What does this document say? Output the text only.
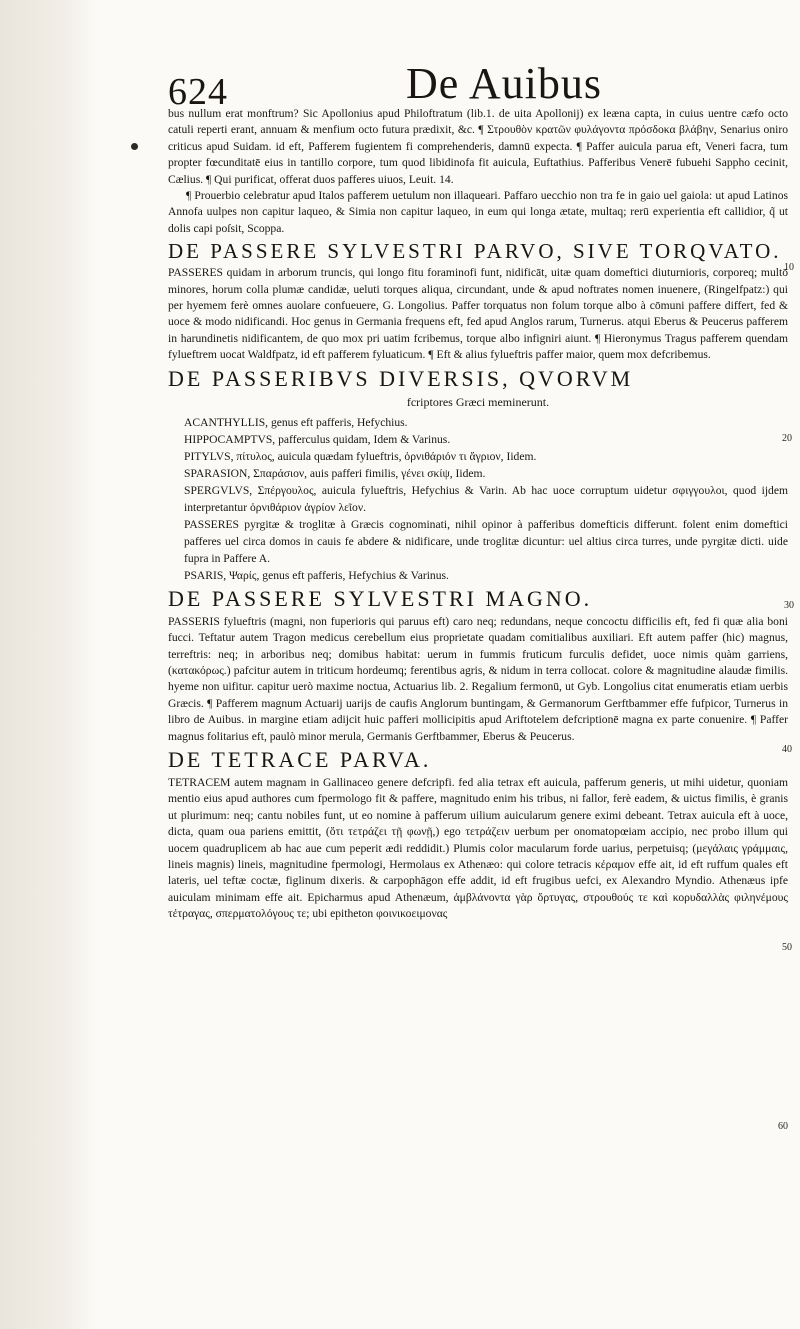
624	De Auibus
10
20
30
40
50
60

bus nullum erat monftrum? Sic Apollonius apud Philoftratum (lib.1. de uita Apollonij) ex leæna capta, in cuius uentre cæfo octo catuli reperti erant, annuam & menfium octo futura prædixit, &c. ¶ Στρουθὸν κρατῶν φυλάγοντα πρόσδοκα βλάβην, Senarius oniro criticus apud Suidam. id eft, Pafferem fugientem fi comprehenderis, damnū expecta. ¶ Paffer auicula parua eft, Veneri facra, tum propter fœcunditatē eius in tantillo corpore, tum quod libidinofa fit auicula, Euftathius. Pafferibus Venerē fubuehi Sappho cecinit, Cælius. ¶ Qui purificat, offerat duos pafferes uiuos, Leuit. 14.

¶ Prouerbio celebratur apud Italos pafferem uetulum non illaqueari. Paffaro uecchio non tra fe in gaio uel gaiola: ut apud Latinos Annofa uulpes non capitur laqueo, & Simia non capitur laqueo, in eum qui longa ætate, multaq; rerū experientia eft callidior, q̃ ut dolis capi poſsit, Scoppa.

DE PASSERE SYLVESTRI PARVO, SIVE TORQVATO.

PASSERES quidam in arborum truncis, qui longo fitu foraminofi funt, nidificāt, uitæ quam domeftici diuturnioris, corporeq; multō minores, horum colla plumæ candidæ, ueluti torques aliqua, circundant, unde & apud noftrates nomen inuenere, (Ringelfpatz:) qui per hyemem ferè omnes auolare confueuere, G. Longolius. Paffer torquatus non folum torque albo à cōmuni paffere differt, fed & uoce & modo nidificandi. Hoc genus in Germania frequens eft, fed apud Anglos rarum, Turnerus. atqui Eberus & Peucerus pafferem in harundinetis nidificantem, de quo mox pri uatim fcribemus, torque albo infigniri aiunt. ¶ Hieronymus Tragus pafferem quendam fylueftrem uocat Waldfpatz, id eft pafferem fyluaticum. ¶ Eft & alius fylueftris paffer maior, quem mox defcribemus.

DE PASSERIBVS DIVERSIS, QVORVM
fcriptores Græci meminerunt.
ACANTHYLLIS, genus eft pafferis, Hefychius.
HIPPOCAMPTVS, pafferculus quidam, Idem & Varinus.
PITYLVS, πίτυλος, auicula quædam fylueftris, ὀρνιθάριόν τι ἄγριον, Iidem.
SPARASION, Σπαράσιον, auis pafferi fimilis, γένει σκίψ, Iidem.
SPERGVLVS, Σπέργουλος, auicula fylueftris, Hefychius & Varin. Ab hac uoce corruptum uidetur σφιγγουλοι, quod ijdem interpretantur ὀρνιθάριον ἀγρίον λεῖον.
PASSERES pyrgitæ & troglitæ à Græcis cognominati, nihil opinor à pafferibus domefticis differunt. folent enim domeftici pafferes uel circa domos in cauis fe abdere & nidificare, unde troglitæ dicuntur: uel altius circa turres, unde pyrgitæ dicti. uide fupra in Paffere A.
PSARIS, Ψαρίς, genus eft pafferis, Hefychius & Varinus.
DE PASSERE SYLVESTRI MAGNO.

PASSERIS fylueftris (magni, non fuperioris qui paruus eft) caro neq; redundans, neque concoctu difficilis eft, fed fi quæ alia boni fucci. Teftatur autem Tragon medicus cerebellum eius proprietate quadam comitialibus auxiliari. Eft autem paffer (hic) magnus, terreftris: neq; in arboribus neq; domibus habitat: uerum in fummis fruticum furculis defidet, uoce nimis quàm garriens, (κατακόρως.) pafcitur autem in triticum hordeumq; ferentibus agris, & nidum in terra collocat. colore & magnitudine alaudæ fimilis. hyeme non uifitur. capitur uerò maxime noctua, Actuarius lib. 2. Regalium fermonū, ut Gyb. Longolius citat enumeratis etiam uerbis Græcis. ¶ Pafferem magnum Actuarij uarijs de caufis Anglorum buntingam, & Germanorum Gerftbammer effe fufpicor, Turnerus in libro de Auibus. in margine etiam adijcit huic pafferi mollicipitis apud Ariftotelem defcriptionē magna ex parte conuenire. ¶ Paffer magnus folitarius eft, paulò minor merula, Germanis Gerftbammer, Eberus & Peucerus.

DE TETRACE PARVA.

TETRACEM autem magnam in Gallinaceo genere defcripfi. fed alia tetrax eft auicula, pafferum generis, ut mihi uidetur, quoniam mentio eius apud authores cum fpermologo fit & paffere, magnitudo enim his tribus, ni fallor, ferè eadem, & uictus fimilis, è granis ut plurimum: neq; cantu nobiles funt, ut eo nomine à pafferum uilium auicularum genere eximi debeant. Tetrax auicula eft à uoce, dicta, quam oua pariens emittit, (ὅτι τετράζει τῇ φωνῇ,) ego τετράζειν uerbum per onomatopœiam accipio, nec probo illum qui uocem quadruplicem ab hac aue cum peperit ædi reddidit.) Plumis color macularum forde uarius, perpetuisq; (μεγάλαις γράμμαις, lineis magnis) lineis, magnitudine fpermologi, Hermolaus ex Athenæo: qui colore tetracis κέραμον effe ait, id eft ruffum quales eft lateris, uel teftæ coctæ, figlinum dixeris. & carpophāgon effe addit, id eft frugibus uefci, ex Alexandro Myndio. Athenæus ipfe auiculam minimam effe ait. Epicharmus apud Athenæum, ἀμβλάνοντα γὰρ ὄρτυγας, στρουθούς τε καὶ κορυδαλλὰς φιληνέμους τέτραγας, σπερματολόγους τε; ubi epitheton φοινικοειμονας
